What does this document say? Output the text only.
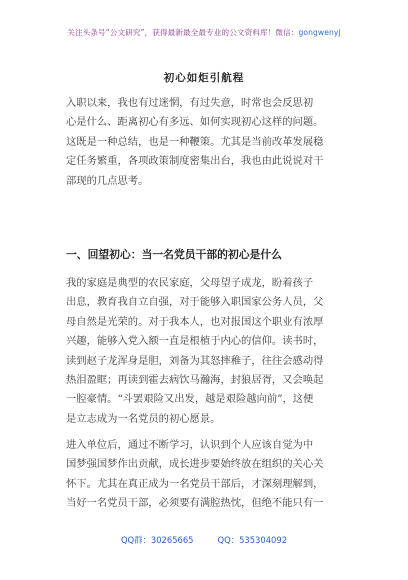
关注头条号“公文研究”，获得最新最全最专业的公文资料库！微信：gongwenyj
初心如炬引航程

入职以来，我也有过迷惘，有过失意，时常也会反思初
心是什么、距离初心有多远、如何实现初心这样的问题。
这既是一种总结，也是一种鞭策。尤其是当前改革发展稳
定任务繁重，各项政策制度密集出台，我也由此说说对干
部现的几点思考。

一、回望初心：当一名党员干部的初心是什么

我的家庭是典型的农民家庭，父母望子成龙，盼着孩子
出息，教育我自立自强，对于能够入职国家公务人员，父
母自然是光荣的。对于我本人，也对报国这个职业有浓厚
兴趣，能够入党入额一直是根植于内心的信仰。读书时，
读到赵子龙浑身是胆，刘备为其怒摔稚子，往往会感动得
热泪盈眶；再读到霍去病饮马瀚海，封狼居胥，又会唤起
一腔豪情。“斗罢艰险又出发，越是艰险越向前”，这便
是立志成为一名党员的初心愿景。

进入单位后，通过不断学习，认识到个人应该自觉为中
国梦强国梦作出贡献，成长进步要始终放在组织的关心关
怀下。尤其在真正成为一名党员干部后，才深刻理解到，
当好一名党员干部，必须要有满腔热忱，但绝不能只有一

QQ群：30265665	QQ：535304092
